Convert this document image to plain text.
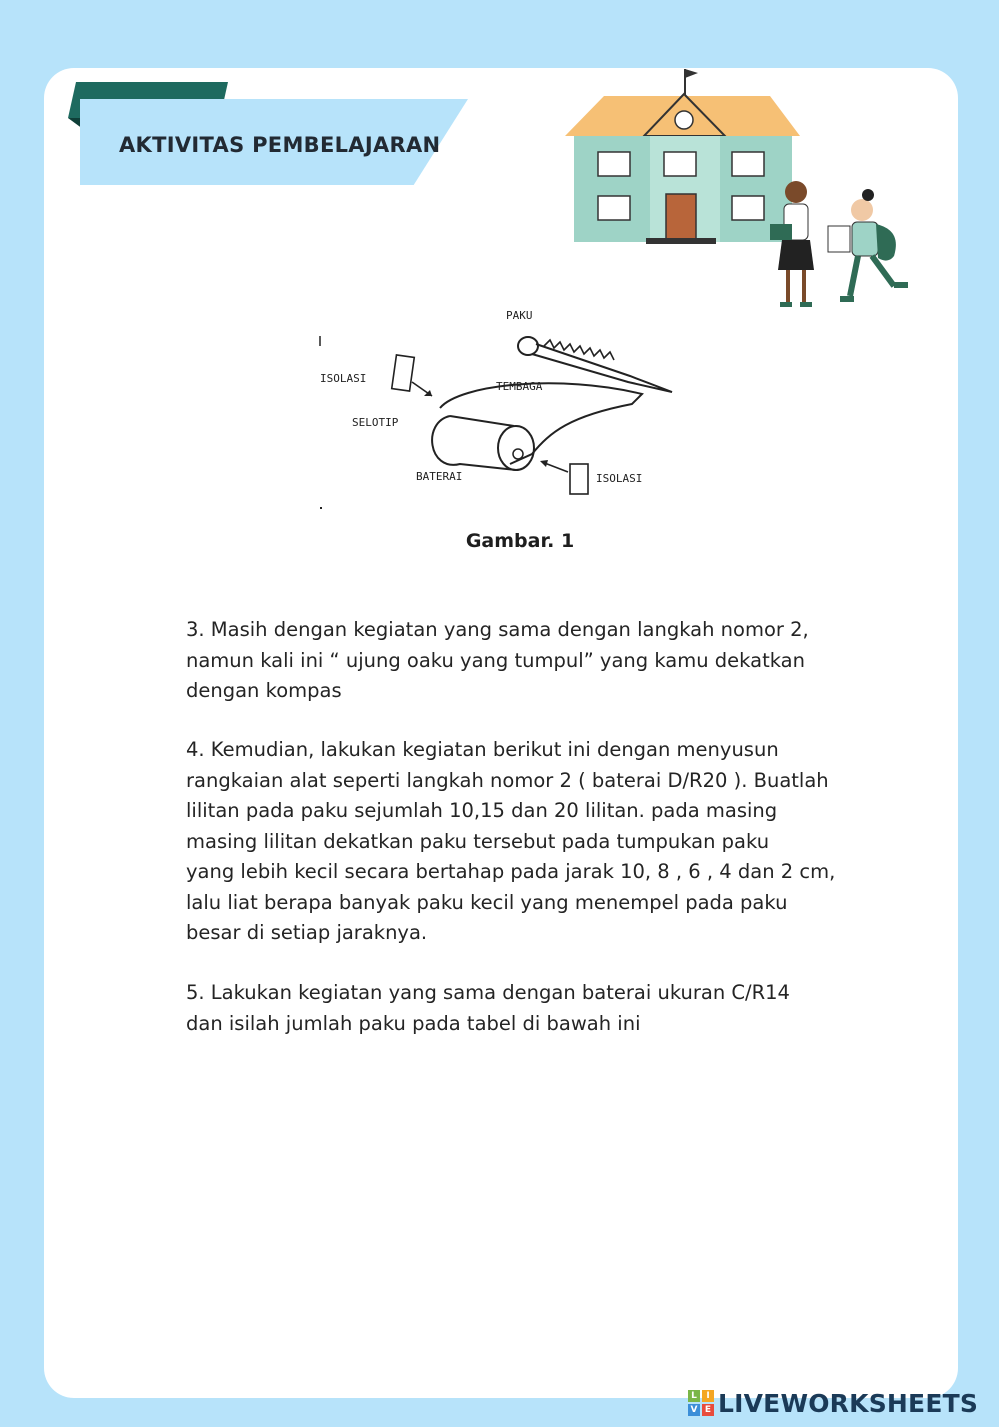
AKTIVITAS PEMBELAJARAN
PAKU
ISOLASI
TEMBAGA
SELOTIP
BATERAI	ISOLASI
Gambar. 1
3. Masih dengan kegiatan yang sama dengan langkah nomor 2,
namun kali ini “ ujung oaku yang tumpul” yang kamu dekatkan
dengan kompas
4. Kemudian, lakukan kegiatan berikut ini dengan menyusun
rangkaian alat seperti langkah nomor 2 ( baterai D/R20 ). Buatlah
lilitan pada paku sejumlah 10,15 dan 20 lilitan. pada masing
masing lilitan dekatkan paku tersebut pada tumpukan paku
yang lebih kecil secara bertahap pada jarak 10, 8 , 6 , 4 dan 2 cm,
lalu liat berapa banyak paku kecil yang menempel pada paku
besar di setiap jaraknya.
5. Lakukan kegiatan yang sama dengan baterai ukuran C/R14
dan isilah jumlah paku pada tabel di bawah ini
L	I
V E LIVEWORKSHEETS
